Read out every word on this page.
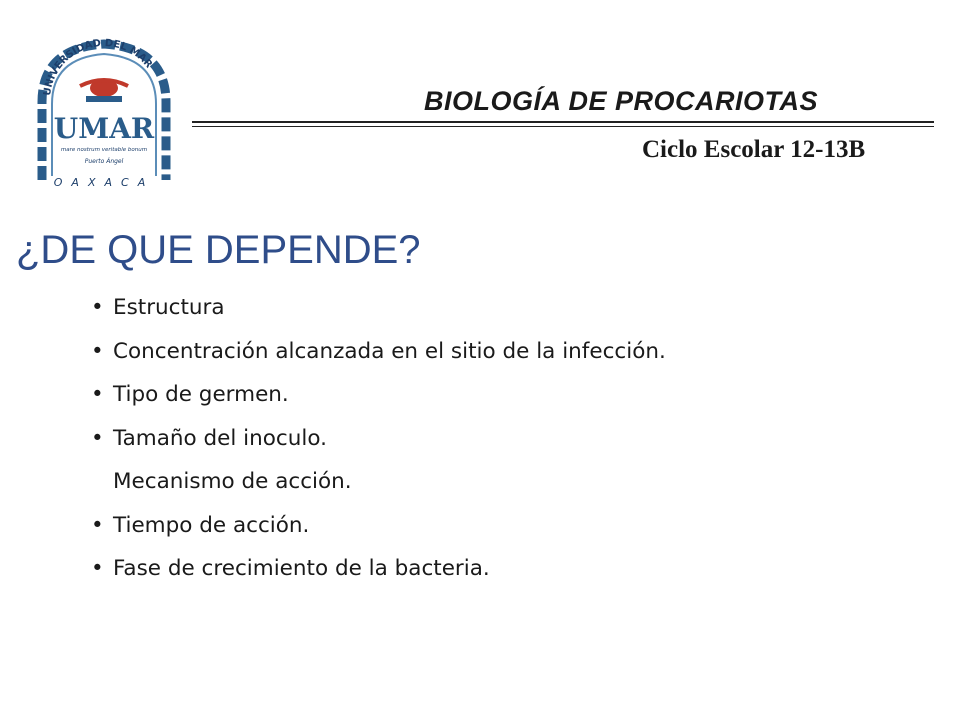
UNIVERSIDAD DEL MAR
UMAR
mare nostrum veritable bonum
Puerto Ángel
OAXACA
BIOLOGÍA DE PROCARIOTAS
Ciclo Escolar 12-13B
¿DE QUE DEPENDE?
• Estructura
• Concentración alcanzada en el sitio de la infección.
• Tipo de germen.
• Tamaño del inoculo.
Mecanismo de acción.
• Tiempo de acción.
• Fase de crecimiento de la bacteria.
